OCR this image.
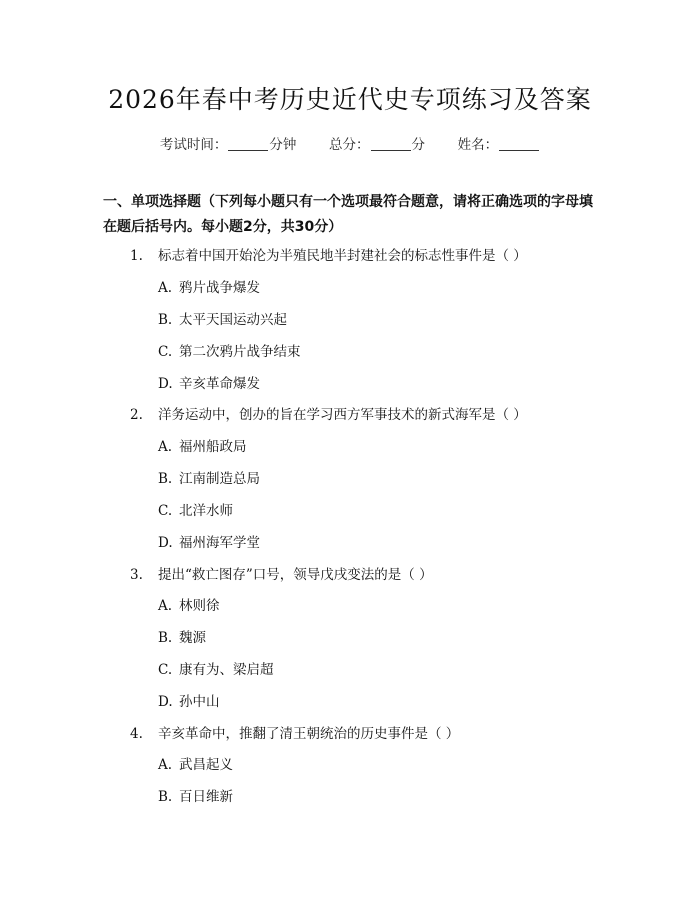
2026年春中考历史近代史专项练习及答案
考试时间：	分钟 总分：	分 姓名：
一、单项选择题（下列每小题只有一个选项最符合题意，请将正确选项的字母填在题后括号内。每小题2分，共30分）
1. 标志着中国开始沦为半殖民地半封建社会的标志性事件是（ ）
A. 鸦片战争爆发
B. 太平天国运动兴起
C. 第二次鸦片战争结束
D. 辛亥革命爆发
2. 洋务运动中，创办的旨在学习西方军事技术的新式海军是（ ）
A. 福州船政局
B. 江南制造总局
C. 北洋水师
D. 福州海军学堂
3. 提出“救亡图存”口号，领导戊戌变法的是（ ）
A. 林则徐
B. 魏源
C. 康有为、梁启超
D. 孙中山
4. 辛亥革命中，推翻了清王朝统治的历史事件是（ ）
A. 武昌起义
B. 百日维新
